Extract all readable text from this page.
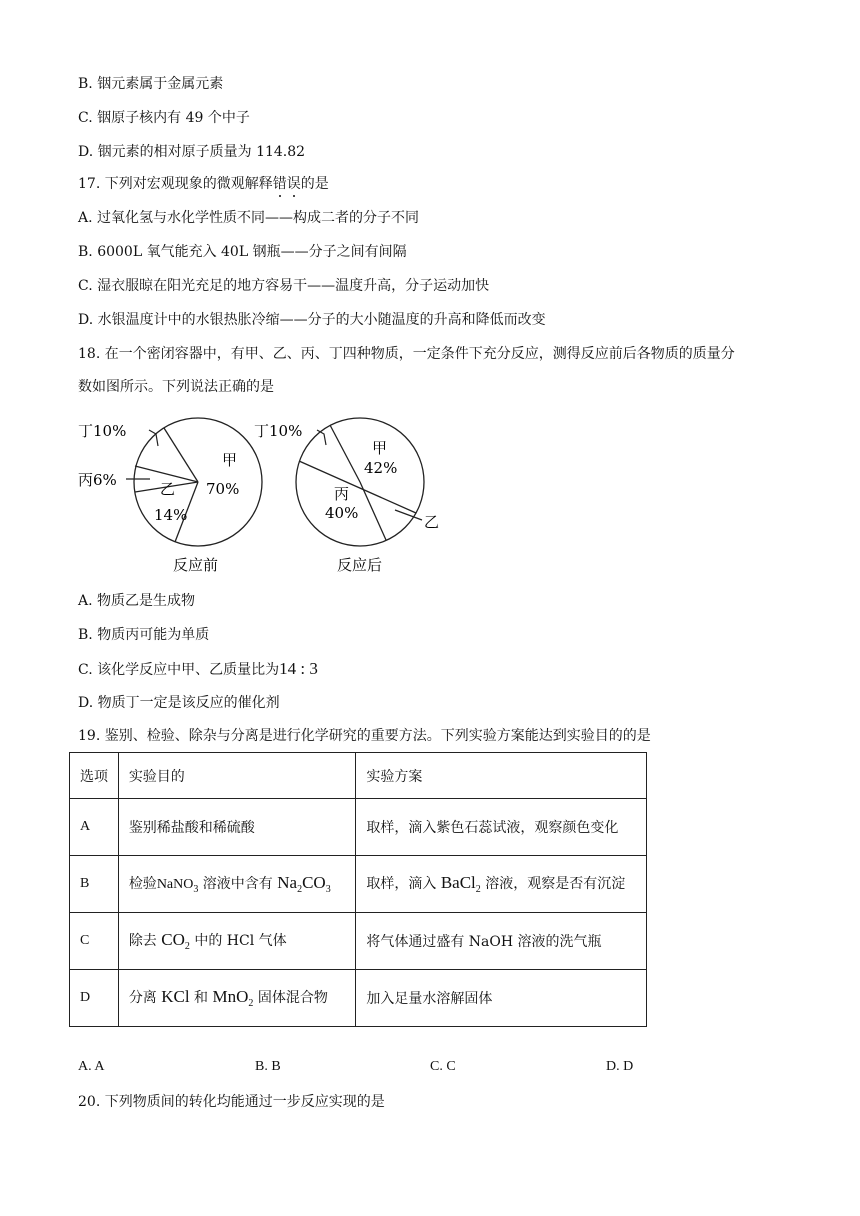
B. 铟元素属于金属元素
C. 铟原子核内有 49 个中子
D. 铟元素的相对原子质量为 114.82
17. 下列对宏观现象的微观解释错误的是
A. 过氧化氢与水化学性质不同——构成二者的分子不同
B. 6000L 氧气能充入 40L 钢瓶——分子之间有间隔
C. 湿衣服晾在阳光充足的地方容易干——温度升高，分子运动加快
D. 水银温度计中的水银热胀冷缩——分子的大小随温度的升高和降低而改变
18. 在一个密闭容器中，有甲、乙、丙、丁四种物质，一定条件下充分反应，测得反应前后各物质的质量分
数如图所示。下列说法正确的是
丁10%
丙6%
甲
70%
乙
14%
反应前
丁10%
甲
42%
丙
40%	乙
反应后
A. 物质乙是生成物
B. 物质丙可能为单质
C. 该化学反应中甲、乙质量比为14 : 3
D. 物质丁一定是该反应的催化剂
19. 鉴别、检验、除杂与分离是进行化学研究的重要方法。下列实验方案能达到实验目的的是
选项	实验目的	实验方案
A	鉴别稀盐酸和稀硫酸	取样，滴入紫色石蕊试液，观察颜色变化
B	检验NaNO$_3$ 溶液中含有 $Na_2CO_3$	取样，滴入 BaCl$_2$ 溶液，观察是否有沉淀
C	除去 $CO_2$ 中的 HCl 气体	将气体通过盛有 NaOH 溶液的洗气瓶
D	分离 KCl 和 MnO$_2$ 固体混合物	加入足量水溶解固体
A. A	B. B	C. C	D. D
20. 下列物质间的转化均能通过一步反应实现的是
